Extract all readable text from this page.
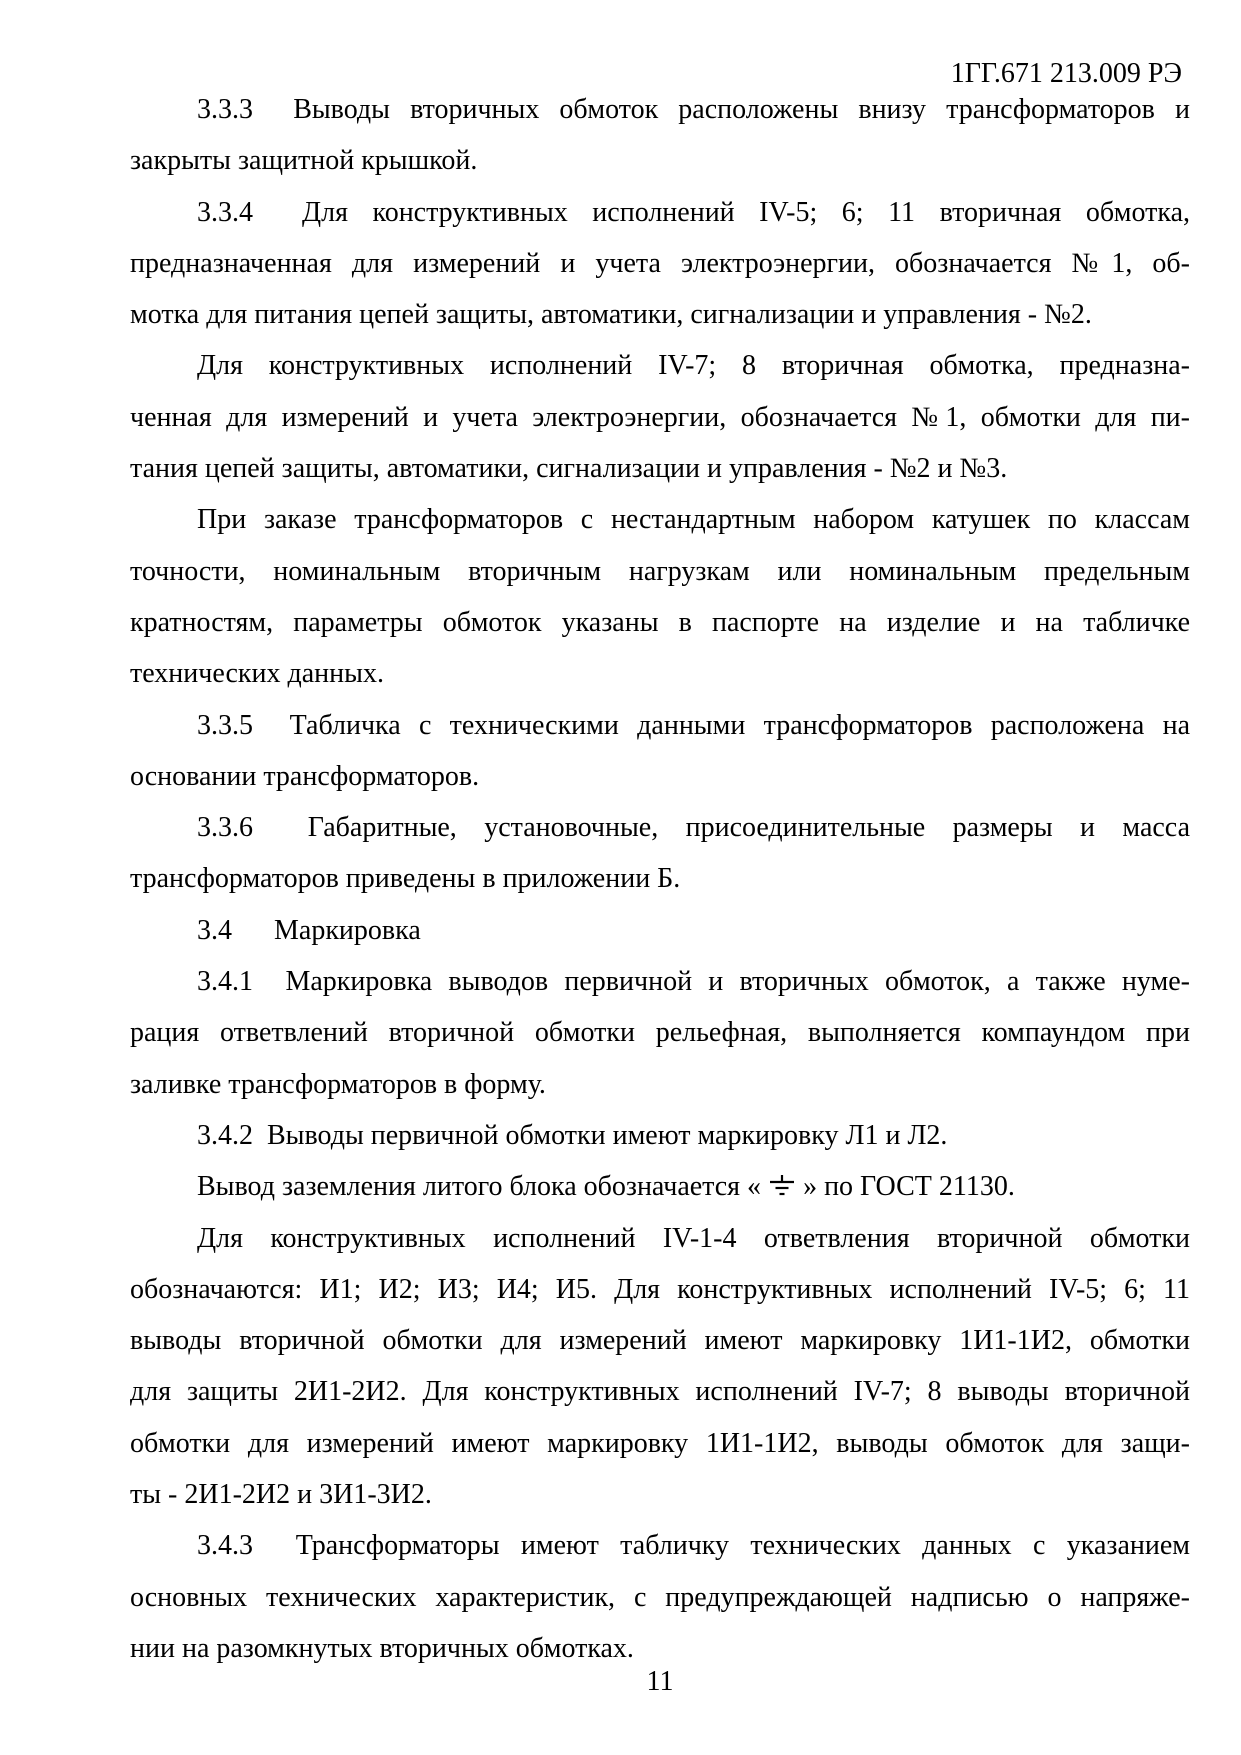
1ГГ.671 213.009 РЭ
3.3.3  Выводы вторичных обмоток расположены внизу трансформаторов и
закрыты защитной крышкой.
3.3.4  Для конструктивных исполнений IV-5; 6; 11 вторичная обмотка,
предназначенная для измерений и учета электроэнергии, обозначается №1, об-
мотка для питания цепей защиты, автоматики, сигнализации и управления - №2.
Для конструктивных исполнений IV-7; 8 вторичная обмотка, предназна-
ченная для измерений и учета электроэнергии, обозначается №1, обмотки для пи-
тания цепей защиты, автоматики, сигнализации и управления - №2 и №3.
При заказе трансформаторов с нестандартным набором катушек по классам
точности, номинальным вторичным нагрузкам или номинальным предельным
кратностям, параметры обмоток указаны в паспорте на изделие и на табличке
технических данных.
3.3.5  Табличка с техническими данными трансформаторов расположена на
основании трансформаторов.
3.3.6  Габаритные, установочные, присоединительные размеры и масса
трансформаторов приведены в приложении Б.
3.4      Маркировка
3.4.1  Маркировка выводов первичной и вторичных обмоток, а также нуме-
рация ответвлений вторичной обмотки рельефная, выполняется компаундом при
заливке трансформаторов в форму.
3.4.2  Выводы первичной обмотки имеют маркировку Л1 и Л2.
Вывод заземления литого блока обозначается «
» по ГОСТ 21130.
Для конструктивных исполнений IV-1-4 ответвления вторичной обмотки
обозначаются: И1; И2; И3; И4; И5. Для конструктивных исполнений IV-5; 6; 11
выводы вторичной обмотки для измерений имеют маркировку 1И1-1И2, обмотки
для защиты 2И1-2И2. Для конструктивных исполнений IV-7; 8 выводы вторичной
обмотки для измерений имеют маркировку 1И1-1И2, выводы обмоток для защи-
ты - 2И1-2И2 и 3И1-3И2.
3.4.3  Трансформаторы имеют табличку технических данных с указанием
основных технических характеристик, с предупреждающей надписью о напряже-
нии на разомкнутых вторичных обмотках.
11
